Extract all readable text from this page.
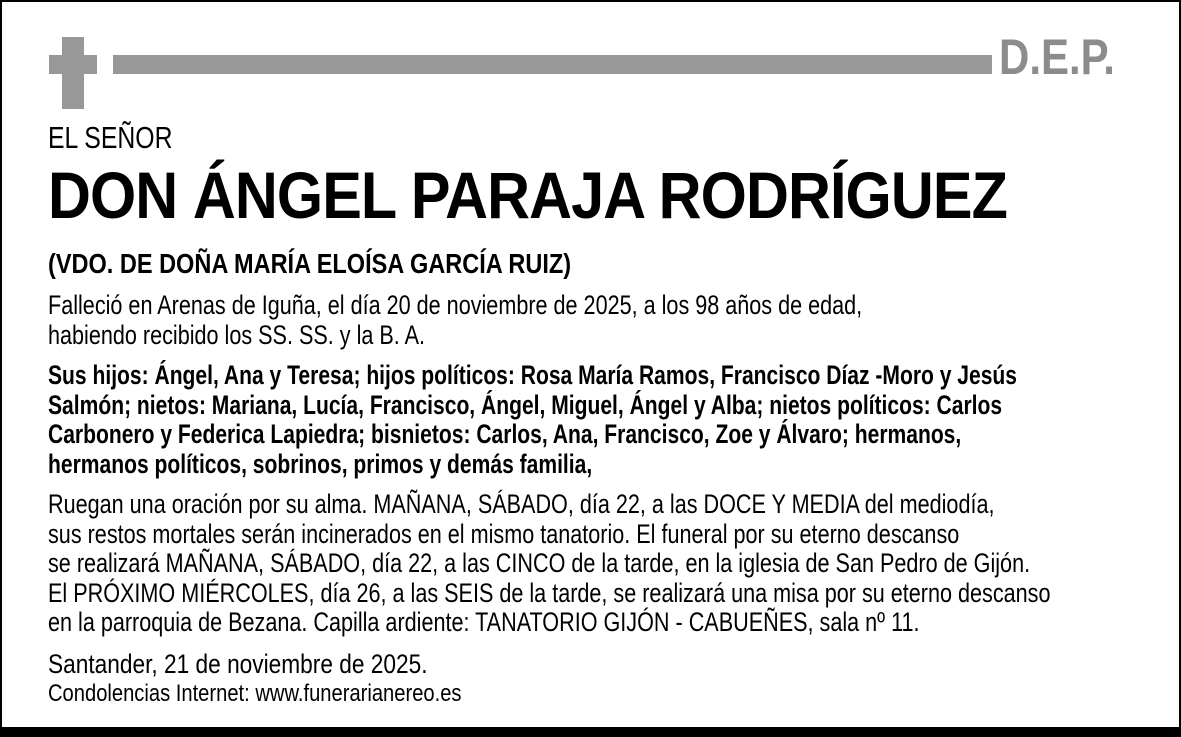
D.E.P.
EL SEÑOR
DON ÁNGEL PARAJA RODRÍGUEZ
(VDO. DE DOÑA MARÍA ELOÍSA GARCÍA RUIZ)
Falleció en Arenas de Iguña, el día 20 de noviembre de 2025, a los 98 años de edad,
habiendo recibido los SS. SS. y la B. A.
Sus hijos: Ángel, Ana y Teresa; hijos políticos: Rosa María Ramos, Francisco Díaz -Moro y Jesús
Salmón; nietos: Mariana, Lucía, Francisco, Ángel, Miguel, Ángel y Alba; nietos políticos: Carlos
Carbonero y Federica Lapiedra; bisnietos: Carlos, Ana, Francisco, Zoe y Álvaro; hermanos,
hermanos políticos, sobrinos, primos y demás familia,
Ruegan una oración por su alma. MAÑANA, SÁBADO, día 22, a las DOCE Y MEDIA del mediodía,
sus restos mortales serán incinerados en el mismo tanatorio. El funeral por su eterno descanso
se realizará MAÑANA, SÁBADO, día 22, a las CINCO de la tarde, en la iglesia de San Pedro de Gijón.
El PRÓXIMO MIÉRCOLES, día 26, a las SEIS de la tarde, se realizará una misa por su eterno descanso
en la parroquia de Bezana. Capilla ardiente: TANATORIO GIJÓN - CABUEÑES, sala nº 11.
Santander, 21 de noviembre de 2025.
Condolencias Internet: www.funerarianereo.es
